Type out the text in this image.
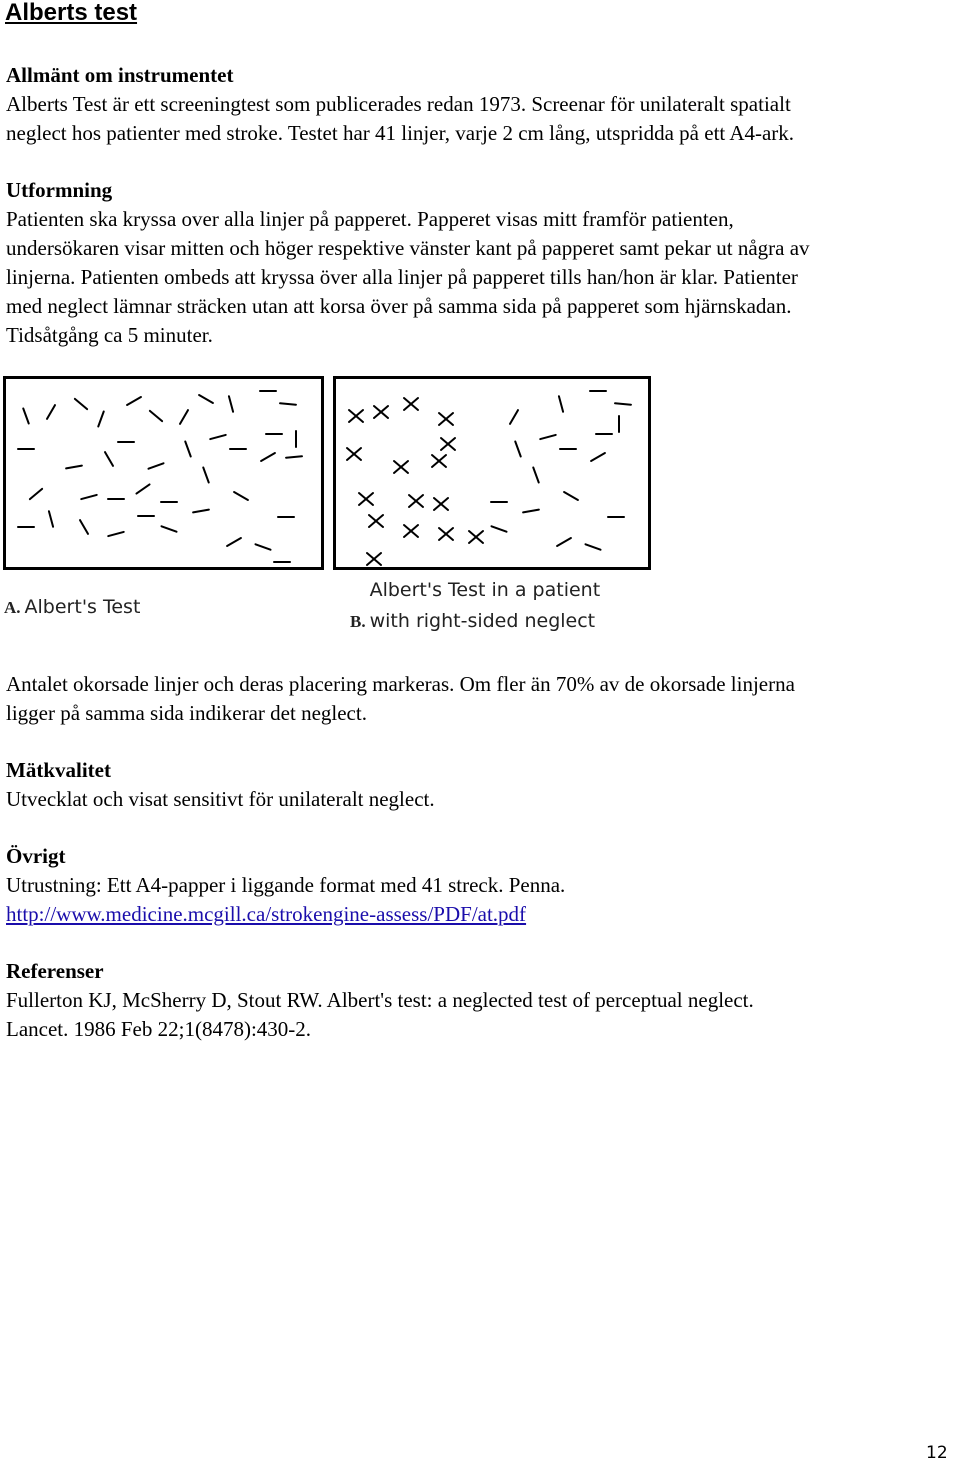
Alberts test
Allmänt om instrumentet
Alberts Test är ett screeningtest som publicerades redan 1973. Screenar för unilateralt spatialt
neglect hos patienter med stroke. Testet har 41 linjer, varje 2 cm lång, utspridda på ett A4-ark.
Utformning
Patienten ska kryssa over alla linjer på papperet. Papperet visas mitt framför patienten,
undersökaren visar mitten och höger respektive vänster kant på papperet samt pekar ut några av
linjerna. Patienten ombeds att kryssa över alla linjer på papperet tills han/hon är klar. Patienter
med neglect lämnar sträcken utan att korsa över på samma sida på papperet som hjärnskadan.
Tidsåtgång ca 5 minuter.
A. Albert's Test
Albert's Test in a patient
B. with right-sided neglect
Antalet okorsade linjer och deras placering markeras. Om fler än 70% av de okorsade linjerna
ligger på samma sida indikerar det neglect.
Mätkvalitet
Utvecklat och visat sensitivt för unilateralt neglect.
Övrigt
Utrustning: Ett A4-papper i liggande format med 41 streck. Penna.
http://www.medicine.mcgill.ca/strokengine-assess/PDF/at.pdf
Referenser
Fullerton KJ, McSherry D, Stout RW. Albert's test: a neglected test of perceptual neglect.
Lancet. 1986 Feb 22;1(8478):430-2.
12
